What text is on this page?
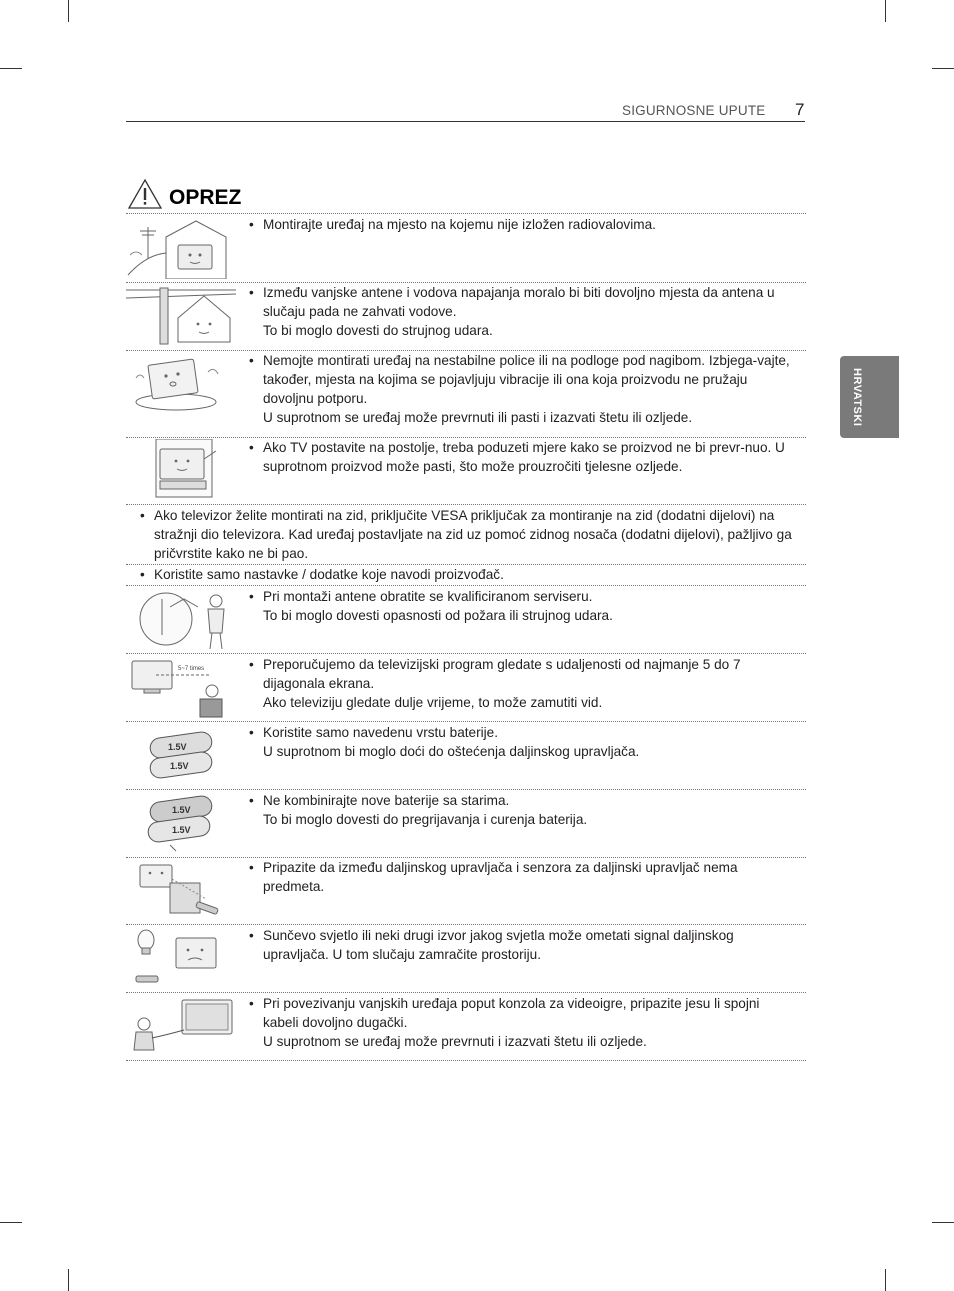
SIGURNOSNE UPUTE 7
HRVATSKI
OPREZ
• Montirajte uređaj na mjesto na kojemu nije izložen radiovalovima.
• Između vanjske antene i vodova napajanja moralo bi biti dovoljno mjesta da antena u slučaju pada ne zahvati vodove.
To bi moglo dovesti do strujnog udara.
• Nemojte montirati uređaj na nestabilne police ili na podloge pod nagibom. Izbjega-vajte, također, mjesta na kojima se pojavljuju vibracije ili ona koja proizvodu ne pružaju dovoljnu potporu.
U suprotnom se uređaj može prevrnuti ili pasti i izazvati štetu ili ozljede.
• Ako TV postavite na postolje, treba poduzeti mjere kako se proizvod ne bi prevr-nuo. U suprotnom proizvod može pasti, što može prouzročiti tjelesne ozljede.
• Ako televizor želite montirati na zid, priključite VESA priključak za montiranje na zid (dodatni dijelovi) na stražnji dio televizora. Kad uređaj postavljate na zid uz pomoć zidnog nosača (dodatni dijelovi), pažljivo ga pričvrstite kako ne bi pao.
• Koristite samo nastavke / dodatke koje navodi proizvođač.
• Pri montaži antene obratite se kvalificiranom serviseru.
To bi moglo dovesti opasnosti od požara ili strujnog udara.
5~7 times	• Preporučujemo da televizijski program gledate s udaljenosti od najmanje 5 do 7 dijagonala ekrana.
Ako televiziju gledate dulje vrijeme, to može zamutiti vid.
1.5V
1.5V
• Koristite samo navedenu vrstu baterije.
U suprotnom bi moglo doći do oštećenja daljinskog upravljača.
1.5V
1.5V
• Ne kombinirajte nove baterije sa starima.
To bi moglo dovesti do pregrijavanja i curenja baterija.
• Pripazite da između daljinskog upravljača i senzora za daljinski upravljač nema predmeta.
• Sunčevo svjetlo ili neki drugi izvor jakog svjetla može ometati signal daljinskog upravljača. U tom slučaju zamračite prostoriju.
• Pri povezivanju vanjskih uređaja poput konzola za videoigre, pripazite jesu li spojni kabeli dovoljno dugački.
U suprotnom se uređaj može prevrnuti i izazvati štetu ili ozljede.
